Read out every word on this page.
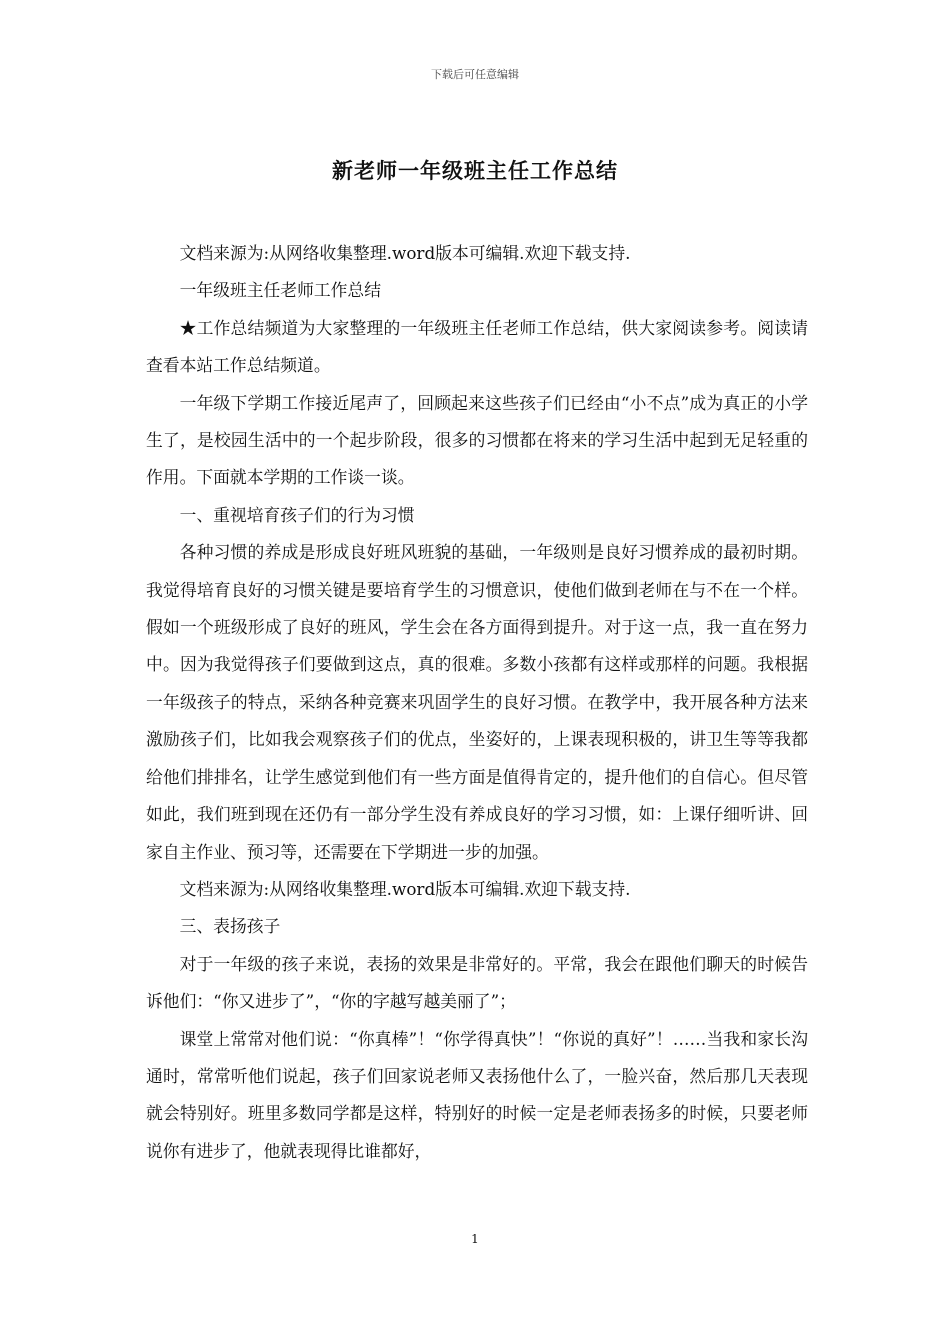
下载后可任意编辑
新老师一年级班主任工作总结

文档来源为:从网络收集整理.word版本可编辑.欢迎下载支持.

一年级班主任老师工作总结

★工作总结频道为大家整理的一年级班主任老师工作总结，供大家阅读参考。阅读请查看本站工作总结频道。

一年级下学期工作接近尾声了，回顾起来这些孩子们已经由“小不点”成为真正的小学生了，是校园生活中的一个起步阶段，很多的习惯都在将来的学习生活中起到无足轻重的作用。下面就本学期的工作谈一谈。

一、重视培育孩子们的行为习惯

各种习惯的养成是形成良好班风班貌的基础，一年级则是良好习惯养成的最初时期。我觉得培育良好的习惯关键是要培育学生的习惯意识，使他们做到老师在与不在一个样。假如一个班级形成了良好的班风，学生会在各方面得到提升。对于这一点，我一直在努力中。因为我觉得孩子们要做到这点，真的很难。多数小孩都有这样或那样的问题。我根据一年级孩子的特点，采纳各种竞赛来巩固学生的良好习惯。在教学中，我开展各种方法来激励孩子们，比如我会观察孩子们的优点，坐姿好的，上课表现积极的，讲卫生等等我都给他们排排名，让学生感觉到他们有一些方面是值得肯定的，提升他们的自信心。但尽管如此，我们班到现在还仍有一部分学生没有养成良好的学习习惯，如：上课仔细听讲、回家自主作业、预习等，还需要在下学期进一步的加强。

文档来源为:从网络收集整理.word版本可编辑.欢迎下载支持.

三、表扬孩子

对于一年级的孩子来说，表扬的效果是非常好的。平常，我会在跟他们聊天的时候告诉他们：“你又进步了”，“你的字越写越美丽了”；

课堂上常常对他们说：“你真棒”！“你学得真快”！“你说的真好”！……当我和家长沟通时，常常听他们说起，孩子们回家说老师又表扬他什么了，一脸兴奋，然后那几天表现就会特别好。班里多数同学都是这样，特别好的时候一定是老师表扬多的时候，只要老师说你有进步了，他就表现得比谁都好，

1
